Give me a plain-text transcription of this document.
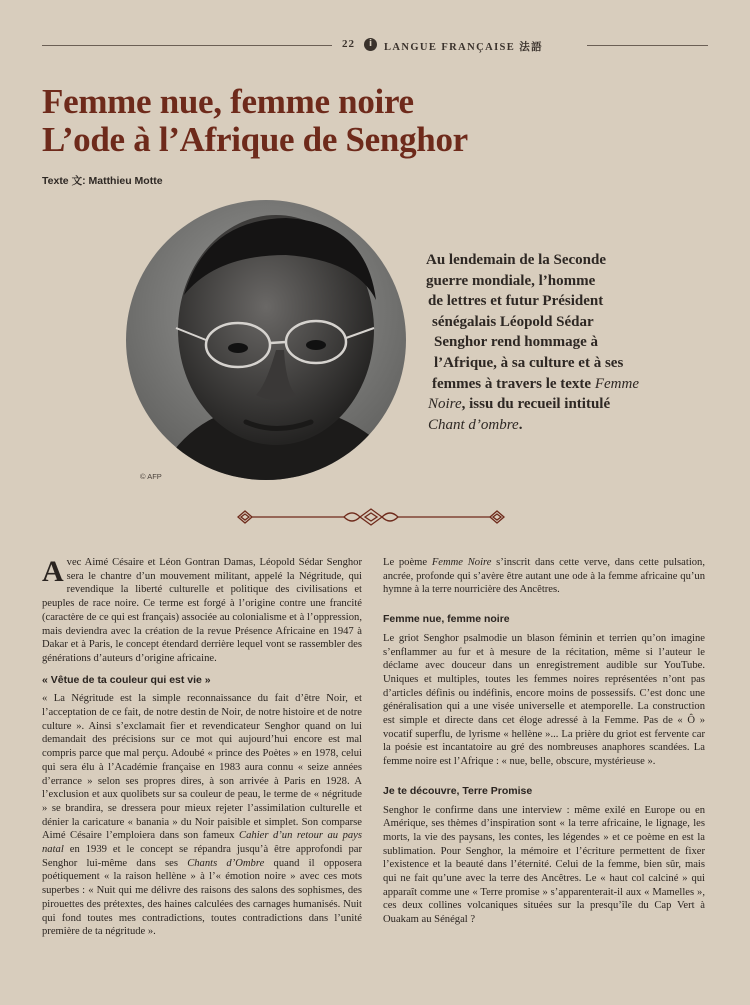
22	i	LANGUE FRANÇAISE 法語
Femme nue, femme noire
L’ode à l’Afrique de Senghor
Texte 文: Matthieu Motte
© AFP
Au lendemain de la Seconde
guerre mondiale, l’homme
de lettres et futur Président
sénégalais Léopold Sédar
Senghor rend hommage à
l’Afrique, à sa culture et à ses
femmes à travers le texte Femme
Noire, issu du recueil intitulé
Chant d’ombre.

Avec Aimé Césaire et Léon Gontran Damas, Léopold Sédar Senghor sera le chantre d’un mouvement militant, appelé la Négritude, qui revendique la liberté culturelle et politique des civilisations et peuples de race noire. Ce terme est forgé à l’origine contre une francité (caractère de ce qui est français) associée au colonialisme et à l’oppression, mais deviendra avec la création de la revue Présence Africaine en 1947 à Dakar et à Paris, le concept étendard derrière lequel vont se rassembler des générations d’auteurs d’origine africaine.

« Vêtue de ta couleur qui est vie »

« La Négritude est la simple reconnaissance du fait d’être Noir, et l’acceptation de ce fait, de notre destin de Noir, de notre histoire et de notre culture ». Ainsi s’exclamait fier et revendicateur Senghor quand on lui demandait des précisions sur ce mot qui aujourd’hui encore est mal compris parce que mal perçu. Adoubé « prince des Poètes » en 1978, celui qui sera élu à l’Académie française en 1983 aura connu « seize années d’errance » selon ses propres dires, à son arrivée à Paris en 1928. A l’exclusion et aux quolibets sur sa couleur de peau, le terme de « négritude » se brandira, se dressera pour mieux rejeter l’assimilation culturelle et dénier la caricature « banania » du Noir paisible et simplet. Son comparse Aimé Césaire l’emploiera dans son fameux Cahier d’un retour au pays natal en 1939 et le concept se répandra jusqu’à être approfondi par Senghor lui-même dans ses Chants d’Ombre quand il opposera poétiquement « la raison hellène » à l’« émotion noire » avec ces mots superbes : « Nuit qui me délivre des raisons des salons des sophismes, des pirouettes des prétextes, des haines calculées des carnages humanisés. Nuit qui fond toutes mes contradictions, toutes contradictions dans l’unité première de ta négritude ».

Le poème Femme Noire s’inscrit dans cette verve, dans cette pulsation, ancrée, profonde qui s’avère être autant une ode à la femme africaine qu’un hymne à la terre nourricière des Ancêtres.

Femme nue, femme noire

Le griot Senghor psalmodie un blason féminin et terrien qu’on imagine s’enflammer au fur et à mesure de la récitation, même si l’auteur le déclame avec douceur dans un enregistrement audible sur YouTube. Uniques et multiples, toutes les femmes noires représentées n’ont pas d’articles définis ou indéfinis, encore moins de possessifs. C’est donc une généralisation qui a une visée universelle et atemporelle. La construction est simple et directe dans cet éloge adressé à la Femme. Pas de « Ô » vocatif superflu, de lyrisme « hellène »... La prière du griot est fervente car la poésie est incantatoire au gré des nombreuses anaphores scandées. La femme noire est l’Afrique : « nue, belle, obscure, mystérieuse ».

Je te découvre, Terre Promise

Senghor le confirme dans une interview : même exilé en Europe ou en Amérique, ses thèmes d’inspiration sont « la terre africaine, le lignage, les morts, la vie des paysans, les contes, les légendes » et ce poème en est la sublimation. Pour Senghor, la mémoire et l’écriture permettent de fixer l’existence et la beauté dans l’éternité. Celui de la femme, bien sûr, mais qui ne fait qu’une avec la terre des Ancêtres. Le « haut col calciné » qui apparaît comme une « Terre promise » s’apparenterait-il aux « Mamelles », ces deux collines volcaniques situées sur la presqu’île du Cap Vert à Ouakam au Sénégal ?
